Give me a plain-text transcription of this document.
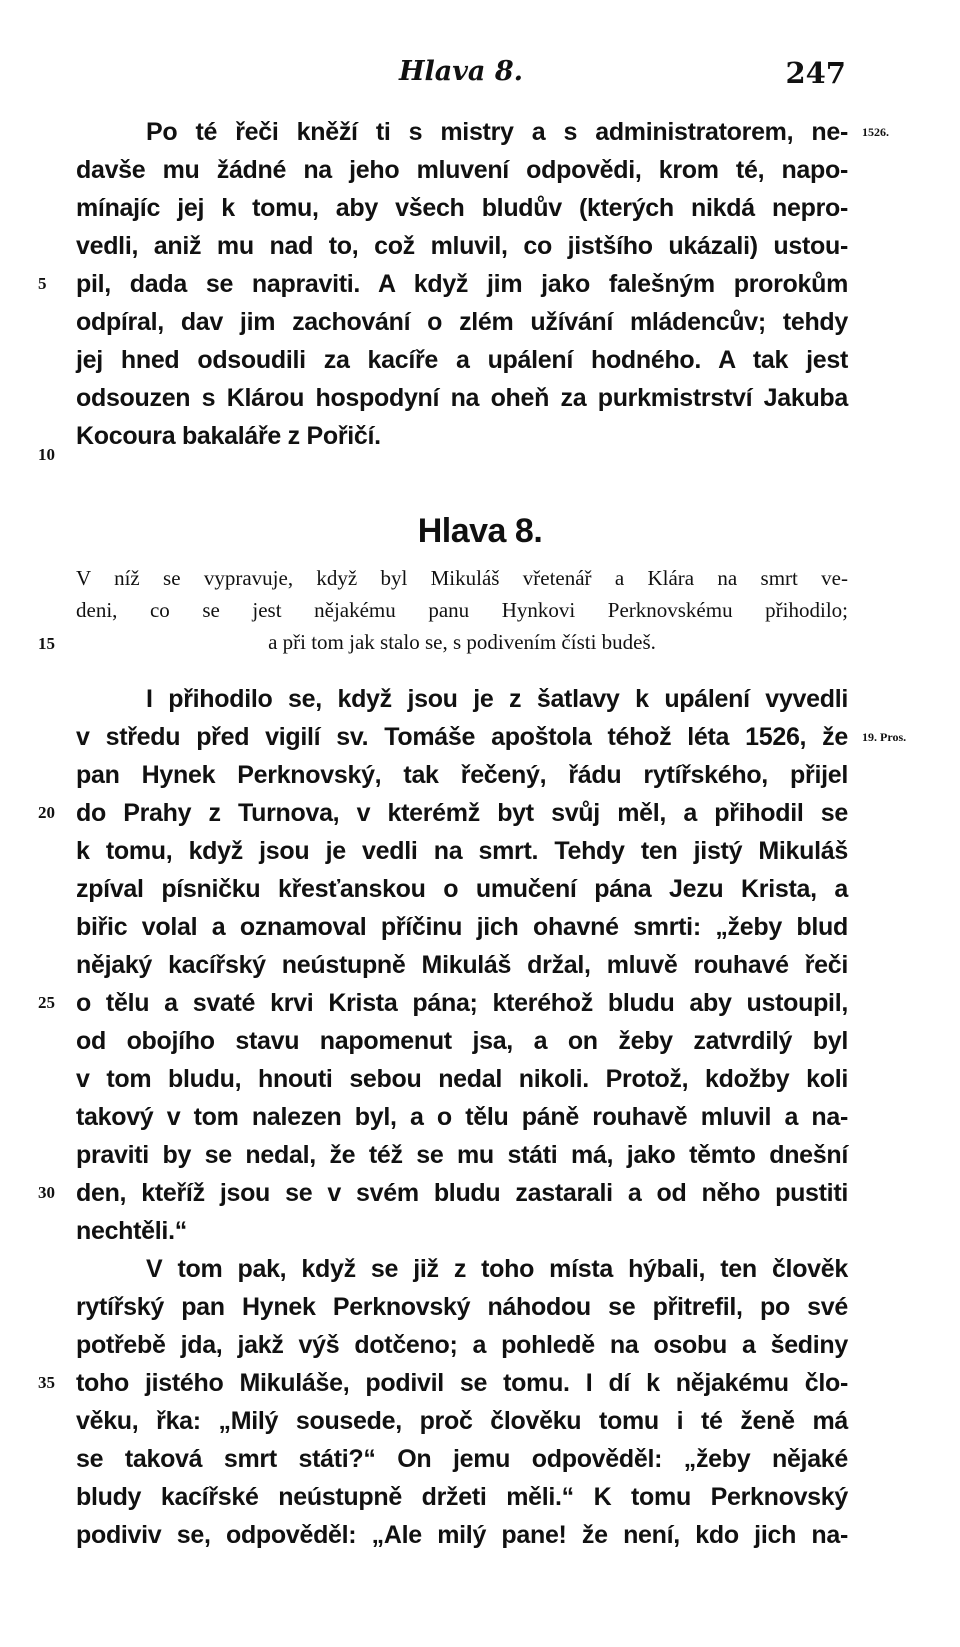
Hlava 8.	247
Po té řeči kněží ti s mistry a s administratorem, ne-
davše mu žádné na jeho mluvení odpovědi, krom té, napo-
mínajíc jej k tomu, aby všech bludův (kterých nikdá nepro-
vedli, aniž mu nad to, což mluvil, co jistšího ukázali) ustou-
pil, dada se napraviti. A když jim jako falešným prorokům
odpíral, dav jim zachování o zlém užívání mládencův; tehdy
jej hned odsoudili za kacíře a upálení hodného. A tak jest
odsouzen s Klárou hospodyní na oheň za purkmistrství Jakuba
Kocoura bakaláře z Pořičí.
Hlava 8.
V níž se vypravuje, když byl Mikuláš vřetenář a Klára na smrt ve-
deni, co se jest nějakému panu Hynkovi Perknovskému přihodilo;
a při tom jak stalo se, s podivením čísti budeš.
I přihodilo se, když jsou je z šatlavy k upálení vyvedli
v středu před vigilí sv. Tomáše apoštola téhož léta 1526, že
pan Hynek Perknovský, tak řečený, řádu rytířského, přijel
do Prahy z Turnova, v kterémž byt svůj měl, a přihodil se
k tomu, když jsou je vedli na smrt. Tehdy ten jistý Mikuláš
zpíval písničku křesťanskou o umučení pána Jezu Krista, a
biřic volal a oznamoval příčinu jich ohavné smrti: „žeby blud
nějaký kacířský neústupně Mikuláš držal, mluvě rouhavé řeči
o tělu a svaté krvi Krista pána; kteréhož bludu aby ustoupil,
od obojího stavu napomenut jsa, a on žeby zatvrdilý byl
v tom bludu, hnouti sebou nedal nikoli. Protož, kdožby koli
takový v tom nalezen byl, a o tělu páně rouhavě mluvil a na-
praviti by se nedal, že též se mu státi má, jako těmto dnešní
den, kteříž jsou se v svém bludu zastarali a od něho pustiti
nechtěli.“
V tom pak, když se již z toho místa hýbali, ten člověk
rytířský pan Hynek Perknovský náhodou se přitrefil, po své
potřebě jda, jakž výš dotčeno; a pohledě na osobu a šediny
toho jistého Mikuláše, podivil se tomu. I dí k nějakému člo-
věku, řka: „Milý sousede, proč člověku tomu i té ženě má
se taková smrt státi?“ On jemu odpověděl: „žeby nějaké
bludy kacířské neústupně držeti měli.“ K tomu Perknovský
podiviv se, odpověděl: „Ale milý pane! že není, kdo jich na-
5
10
15
20
25
30
35
1526.
19. Pros.
